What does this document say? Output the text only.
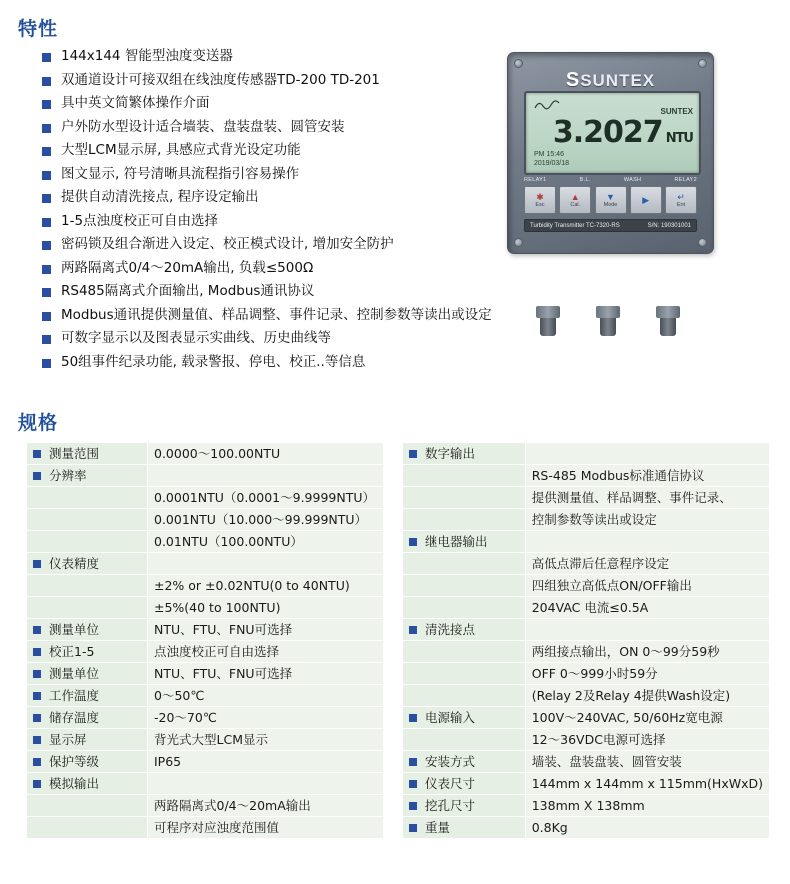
特性
144x144 智能型浊度变送器
双通道设计可接双组在线浊度传感器TD-200 TD-201
具中英文简繁体操作介面
户外防水型设计适合墙装、盘装盘装、圆管安装
大型LCM显示屏, 具感应式背光设定功能
图文显示, 符号清晰具流程指引容易操作
提供自动清洗接点, 程序设定输出
1-5点浊度校正可自由选择
密码锁及组合渐进入设定、校正模式设计, 增加安全防护
两路隔离式0/4～20mA输出, 负载≤500Ω
RS485隔离式介面输出, Modbus通讯协议
Modbus通讯提供测量值、样品调整、事件记录、控制参数等读出或设定
可数字显示以及图表显示实曲线、历史曲线等
50组事件纪录功能, 载录警报、停电、校正..等信息
SSUNTEX
SUNTEX
3.2027 NTU
PM 15:46
2019/03/18
RELAY1	B.L.	WASH	RELAY2
✱
Esc
▲
Cal.
▼
Mode	▶	↵
Ent
Turbidity Transmitter TC-7320-RS	S/N: 190301001
规格
测量范围	0.0000～100.00NTU

分辨率	

	0.0001NTU（0.0001～9.9999NTU）

	0.001NTU（10.000～99.999NTU）

	0.01NTU（100.00NTU）

仪表精度	

	±2% or ±0.02NTU(0 to 40NTU)

	±5%(40 to 100NTU)

测量单位	NTU、FTU、FNU可选择

校正1-5	点浊度校正可自由选择

测量单位	NTU、FTU、FNU可选择

工作温度	0～50℃

储存温度	-20～70℃

显示屏	背光式大型LCM显示

保护等级	IP65

模拟输出	

	两路隔离式0/4～20mA输出

	可程序对应浊度范围值
数字输出	

	RS-485 Modbus标准通信协议

	提供测量值、样品调整、事件记录、

	控制参数等读出或设定

继电器输出	

	高低点滞后任意程序设定

	四组独立高低点ON/OFF输出

	204VAC 电流≤0.5A

清洗接点	

	两组接点输出，ON 0～99分59秒

	OFF 0～999小时59分

	(Relay 2及Relay 4提供Wash设定)

电源输入	100V～240VAC, 50/60Hz宽电源

	12～36VDC电源可选择

安装方式	墙装、盘装盘装、圆管安装

仪表尺寸	144mm x 144mm x 115mm(HxWxD)

挖孔尺寸	138mm X 138mm

重量	0.8Kg
